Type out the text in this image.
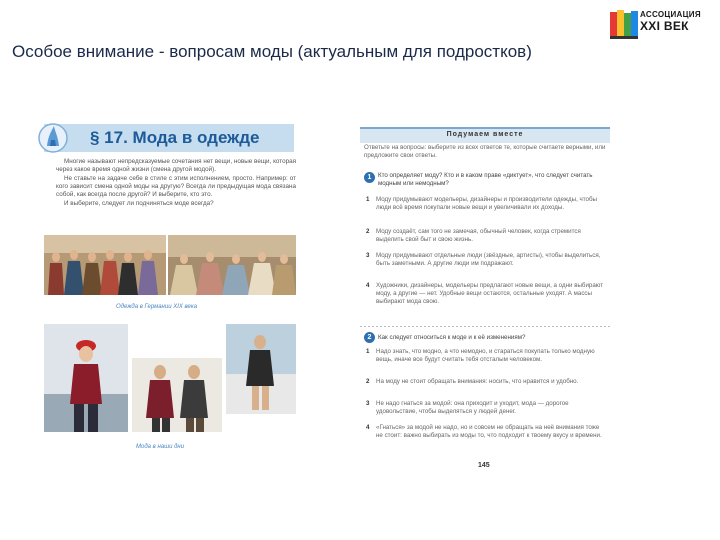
Особое внимание - вопросам моды (актуальным для подростков)
АССОЦИАЦИЯ
XXI ВЕК
§ 17. Мода в одежде

Многие называют непредсказуемые сочетания нет вещи, новые вещи, которая через какое время одной жизни (смена другой модой).

Не ставьте на задаче себе в стиле с этим исполнением, просто. Например: от кого зависит смена одной моды на другую? Всегда ли предыдущая мода связана собой, как всегда после другой? И выберите, кто это.

И выберите, следует ли подчиняться моде всегда?

Одежда в Германии XIX века
Мода в наши дни
Подумаем вместе
Ответьте на вопросы: выберите из всех ответов те, которые считаете верными, или предложите свои ответы.
1	Кто определяет моду? Кто и в каком праве «диктует», что следует считать модным или немодным?
1 Моду придумывают модельеры, дизайнеры и производители одежды, чтобы люди всё время покупали новые вещи и увеличивали их доходы.
2 Моду создаёт, сам того не замечая, обычный человек, когда стремится выделить свой быт и свою жизнь.
3 Моду придумывают отдельные люди (звёздные, артисты), чтобы выделиться, быть заметными. А другие люди им подражают.
4 Художники, дизайнеры, модельеры предлагают новые вещи, а одни выбирают моду, а другие — нет. Удобные вещи остаются, остальные уходят. А массы выбирают мода свою.
2	Как следует относиться к моде и к её изменениям?
1 Надо знать, что модно, а что немодно, и стараться покупать только модную вещь, иначе все будут считать тебя отсталым человеком.
2 На моду не стоит обращать внимания: носить, что нравится и удобно.
3 Не надо гнаться за модой: она приходит и уходит, мода — дорогое удовольствие, чтобы выделяться у людей денег.
4 «Гнаться» за модой не надо, но и совсем не обращать на неё внимания тоже не стоит: важно выбирать из моды то, что подходит к твоему вкусу и времени.
145
